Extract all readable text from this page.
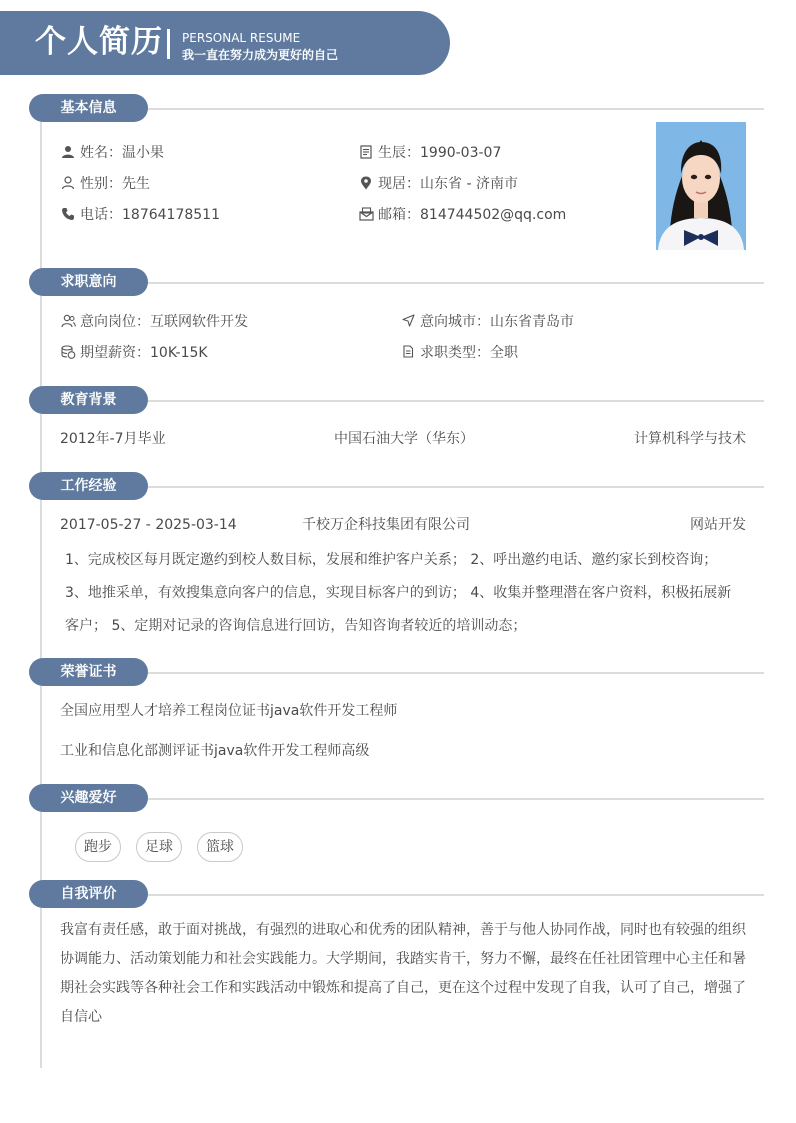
个人简历 PERSONAL RESUME
我一直在努力成为更好的自己
基本信息
姓名：温小果
性别：先生
电话：18764178511
生辰：1990-03-07
现居：山东省 - 济南市
邮箱：814744502@qq.com
求职意向
意向岗位：互联网软件开发
期望薪资：10K-15K
意向城市：山东省青岛市
求职类型：全职
教育背景
2012年-7月毕业	中国石油大学（华东）	计算机科学与技术
工作经验
2017-05-27 - 2025-03-14	千校万企科技集团有限公司	网站开发
1、完成校区每月既定邀约到校人数目标，发展和维护客户关系； 2、呼出邀约电话、邀约家长到校咨询；
3、地推采单，有效搜集意向客户的信息，实现目标客户的到访； 4、收集并整理潜在客户资料，积极拓展新
客户； 5、定期对记录的咨询信息进行回访，告知咨询者较近的培训动态；
荣誉证书
全国应用型人才培养工程岗位证书java软件开发工程师
工业和信息化部测评证书java软件开发工程师高级
兴趣爱好
跑步	足球	篮球
自我评价
我富有责任感，敢于面对挑战，有强烈的进取心和优秀的团队精神，善于与他人协同作战，同时也有较强的组织
协调能力、活动策划能力和社会实践能力。大学期间，我踏实肯干，努力不懈，最终在任社团管理中心主任和暑
期社会实践等各种社会工作和实践活动中锻炼和提高了自己，更在这个过程中发现了自我，认可了自己，增强了
自信心
